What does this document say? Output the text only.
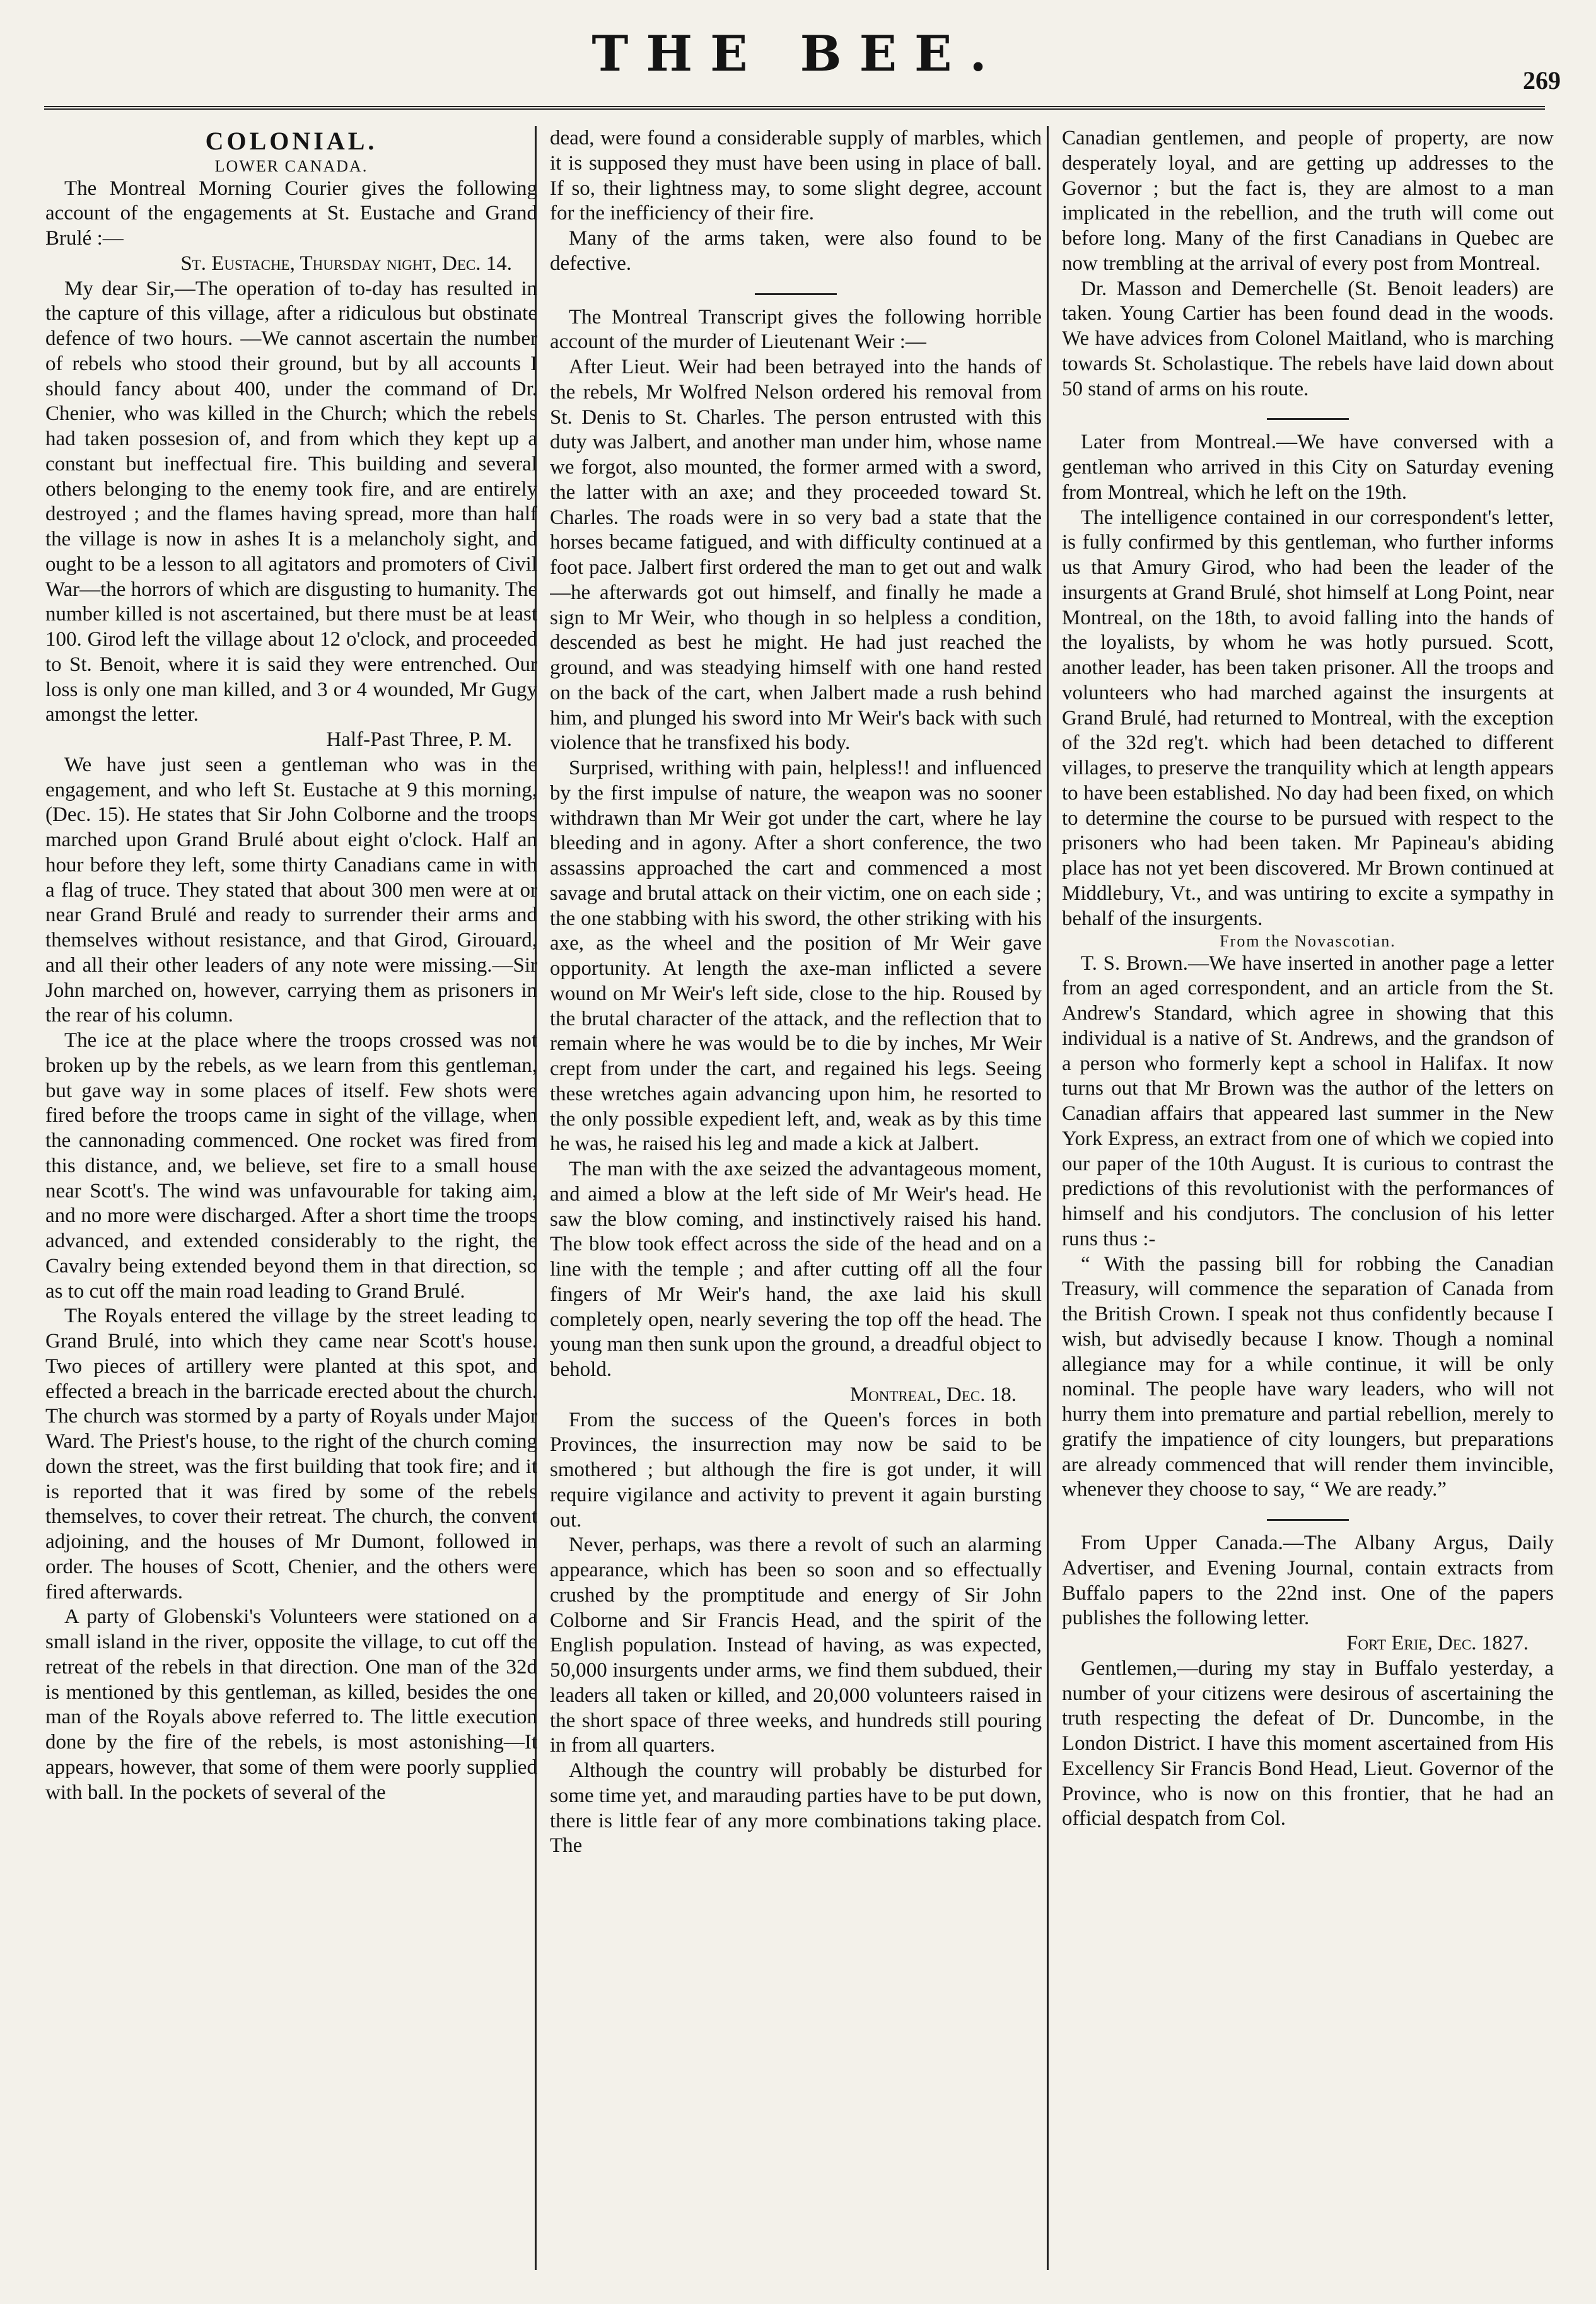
THE BEE.	269

COLONIAL.

LOWER CANADA.

The Montreal Morning Courier gives the following account of the engagements at St. Eustache and Grand Brulé :—

St. Eustache, Thursday night, Dec. 14.

My dear Sir,—The operation of to-day has resulted in the capture of this village, after a ridiculous but obstinate defence of two hours. —We cannot ascertain the number of rebels who stood their ground, but by all accounts I should fancy about 400, under the command of Dr. Chenier, who was killed in the Church; which the rebels had taken possesion of, and from which they kept up a constant but ineffectual fire. This building and several others belonging to the enemy took fire, and are entirely destroyed ; and the flames having spread, more than half the village is now in ashes It is a melancholy sight, and ought to be a lesson to all agitators and promoters of Civil War—the horrors of which are disgusting to humanity. The number killed is not ascertained, but there must be at least 100. Girod left the village about 12 o'clock, and proceeded to St. Benoit, where it is said they were entrenched. Our loss is only one man killed, and 3 or 4 wounded, Mr Gugy amongst the letter.

Half-Past Three, P. M.

We have just seen a gentleman who was in the engagement, and who left St. Eustache at 9 this morning, (Dec. 15). He states that Sir John Colborne and the troops marched upon Grand Brulé about eight o'clock. Half an hour before they left, some thirty Canadians came in with a flag of truce. They stated that about 300 men were at or near Grand Brulé and ready to surrender their arms and themselves without resistance, and that Girod, Girouard, and all their other leaders of any note were missing.—Sir John marched on, however, carrying them as prisoners in the rear of his column.

The ice at the place where the troops crossed was not broken up by the rebels, as we learn from this gentleman, but gave way in some places of itself. Few shots were fired before the troops came in sight of the village, when the cannonading commenced. One rocket was fired from this distance, and, we believe, set fire to a small house near Scott's. The wind was unfavourable for taking aim, and no more were discharged. After a short time the troops advanced, and extended considerably to the right, the Cavalry being extended beyond them in that direction, so as to cut off the main road leading to Grand Brulé.

The Royals entered the village by the street leading to Grand Brulé, into which they came near Scott's house. Two pieces of artillery were planted at this spot, and effected a breach in the barricade erected about the church. The church was stormed by a party of Royals under Major Ward. The Priest's house, to the right of the church coming down the street, was the first building that took fire; and it is reported that it was fired by some of the rebels themselves, to cover their retreat. The church, the convent adjoining, and the houses of Mr Dumont, followed in order. The houses of Scott, Chenier, and the others were fired afterwards.

A party of Globenski's Volunteers were stationed on a small island in the river, opposite the village, to cut off the retreat of the rebels in that direction. One man of the 32d is mentioned by this gentleman, as killed, besides the one man of the Royals above referred to. The little execution done by the fire of the rebels, is most astonishing—It appears, however, that some of them were poorly supplied with ball. In the pockets of several of the

dead, were found a considerable supply of marbles, which it is supposed they must have been using in place of ball. If so, their lightness may, to some slight degree, account for the inefficiency of their fire.

Many of the arms taken, were also found to be defective.

The Montreal Transcript gives the following horrible account of the murder of Lieutenant Weir :—

After Lieut. Weir had been betrayed into the hands of the rebels, Mr Wolfred Nelson ordered his removal from St. Denis to St. Charles. The person entrusted with this duty was Jalbert, and another man under him, whose name we forgot, also mounted, the former armed with a sword, the latter with an axe; and they proceeded toward St. Charles. The roads were in so very bad a state that the horses became fatigued, and with difficulty continued at a foot pace. Jalbert first ordered the man to get out and walk—he afterwards got out himself, and finally he made a sign to Mr Weir, who though in so helpless a condition, descended as best he might. He had just reached the ground, and was steadying himself with one hand rested on the back of the cart, when Jalbert made a rush behind him, and plunged his sword into Mr Weir's back with such violence that he transfixed his body.

Surprised, writhing with pain, helpless!! and influenced by the first impulse of nature, the weapon was no sooner withdrawn than Mr Weir got under the cart, where he lay bleeding and in agony. After a short conference, the two assassins approached the cart and commenced a most savage and brutal attack on their victim, one on each side ; the one stabbing with his sword, the other striking with his axe, as the wheel and the position of Mr Weir gave opportunity. At length the axe-man inflicted a severe wound on Mr Weir's left side, close to the hip. Roused by the brutal character of the attack, and the reflection that to remain where he was would be to die by inches, Mr Weir crept from under the cart, and regained his legs. Seeing these wretches again advancing upon him, he resorted to the only possible expedient left, and, weak as by this time he was, he raised his leg and made a kick at Jalbert.

The man with the axe seized the advantageous moment, and aimed a blow at the left side of Mr Weir's head. He saw the blow coming, and instinctively raised his hand. The blow took effect across the side of the head and on a line with the temple ; and after cutting off all the four fingers of Mr Weir's hand, the axe laid his skull completely open, nearly severing the top off the head. The young man then sunk upon the ground, a dreadful object to behold.

Montreal, Dec. 18.

From the success of the Queen's forces in both Provinces, the insurrection may now be said to be smothered ; but although the fire is got under, it will require vigilance and activity to prevent it again bursting out.

Never, perhaps, was there a revolt of such an alarming appearance, which has been so soon and so effectually crushed by the promptitude and energy of Sir John Colborne and Sir Francis Head, and the spirit of the English population. Instead of having, as was expected, 50,000 insurgents under arms, we find them subdued, their leaders all taken or killed, and 20,000 volunteers raised in the short space of three weeks, and hundreds still pouring in from all quarters.

Although the country will probably be disturbed for some time yet, and marauding parties have to be put down, there is little fear of any more combinations taking place. The

Canadian gentlemen, and people of property, are now desperately loyal, and are getting up addresses to the Governor ; but the fact is, they are almost to a man implicated in the rebellion, and the truth will come out before long. Many of the first Canadians in Quebec are now trembling at the arrival of every post from Montreal.

Dr. Masson and Demerchelle (St. Benoit leaders) are taken. Young Cartier has been found dead in the woods. We have advices from Colonel Maitland, who is marching towards St. Scholastique. The rebels have laid down about 50 stand of arms on his route.

Later from Montreal.—We have conversed with a gentleman who arrived in this City on Saturday evening from Montreal, which he left on the 19th.

The intelligence contained in our correspondent's letter, is fully confirmed by this gentleman, who further informs us that Amury Girod, who had been the leader of the insurgents at Grand Brulé, shot himself at Long Point, near Montreal, on the 18th, to avoid falling into the hands of the loyalists, by whom he was hotly pursued. Scott, another leader, has been taken prisoner. All the troops and volunteers who had marched against the insurgents at Grand Brulé, had returned to Montreal, with the exception of the 32d reg't. which had been detached to different villages, to preserve the tranquility which at length appears to have been established. No day had been fixed, on which to determine the course to be pursued with respect to the prisoners who had been taken. Mr Papineau's abiding place has not yet been discovered. Mr Brown continued at Middlebury, Vt., and was untiring to excite a sympathy in behalf of the insurgents.

From the Novascotian.

T. S. Brown.—We have inserted in another page a letter from an aged correspondent, and an article from the St. Andrew's Standard, which agree in showing that this individual is a native of St. Andrews, and the grandson of a person who formerly kept a school in Halifax. It now turns out that Mr Brown was the author of the letters on Canadian affairs that appeared last summer in the New York Express, an extract from one of which we copied into our paper of the 10th August. It is curious to contrast the predictions of this revolutionist with the performances of himself and his condjutors. The conclusion of his letter runs thus :-

“ With the passing bill for robbing the Canadian Treasury, will commence the separation of Canada from the British Crown. I speak not thus confidently because I wish, but advisedly because I know. Though a nominal allegiance may for a while continue, it will be only nominal. The people have wary leaders, who will not hurry them into premature and partial rebellion, merely to gratify the impatience of city loungers, but preparations are already commenced that will render them invincible, whenever they choose to say, “ We are ready.”

From Upper Canada.—The Albany Argus, Daily Advertiser, and Evening Journal, contain extracts from Buffalo papers to the 22nd inst. One of the papers publishes the following letter.

Fort Erie, Dec. 1827.

Gentlemen,—during my stay in Buffalo yesterday, a number of your citizens were desirous of ascertaining the truth respecting the defeat of Dr. Duncombe, in the London District. I have this moment ascertained from His Excellency Sir Francis Bond Head, Lieut. Governor of the Province, who is now on this frontier, that he had an official despatch from Col.
